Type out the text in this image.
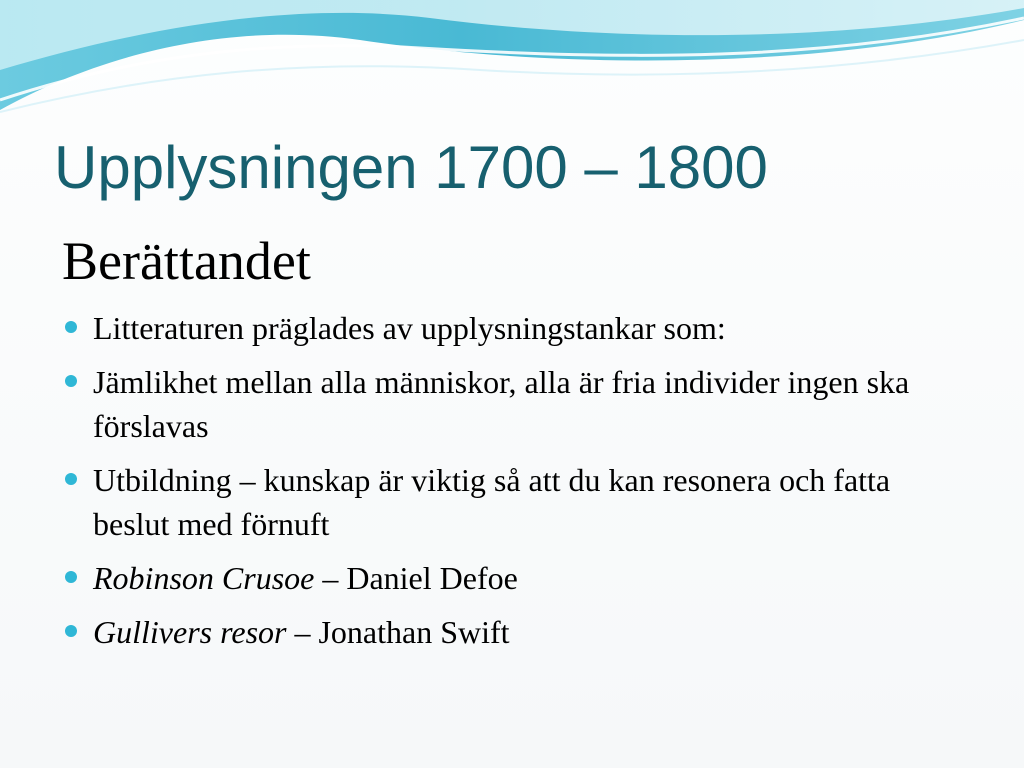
Upplysningen 1700 – 1800
Berättandet
Litteraturen präglades av upplysningstankar som:
Jämlikhet mellan alla människor, alla är fria individer ingen ska förslavas
Utbildning – kunskap är viktig så att du kan resonera och fatta beslut med förnuft
Robinson Crusoe – Daniel Defoe
Gullivers resor – Jonathan Swift
